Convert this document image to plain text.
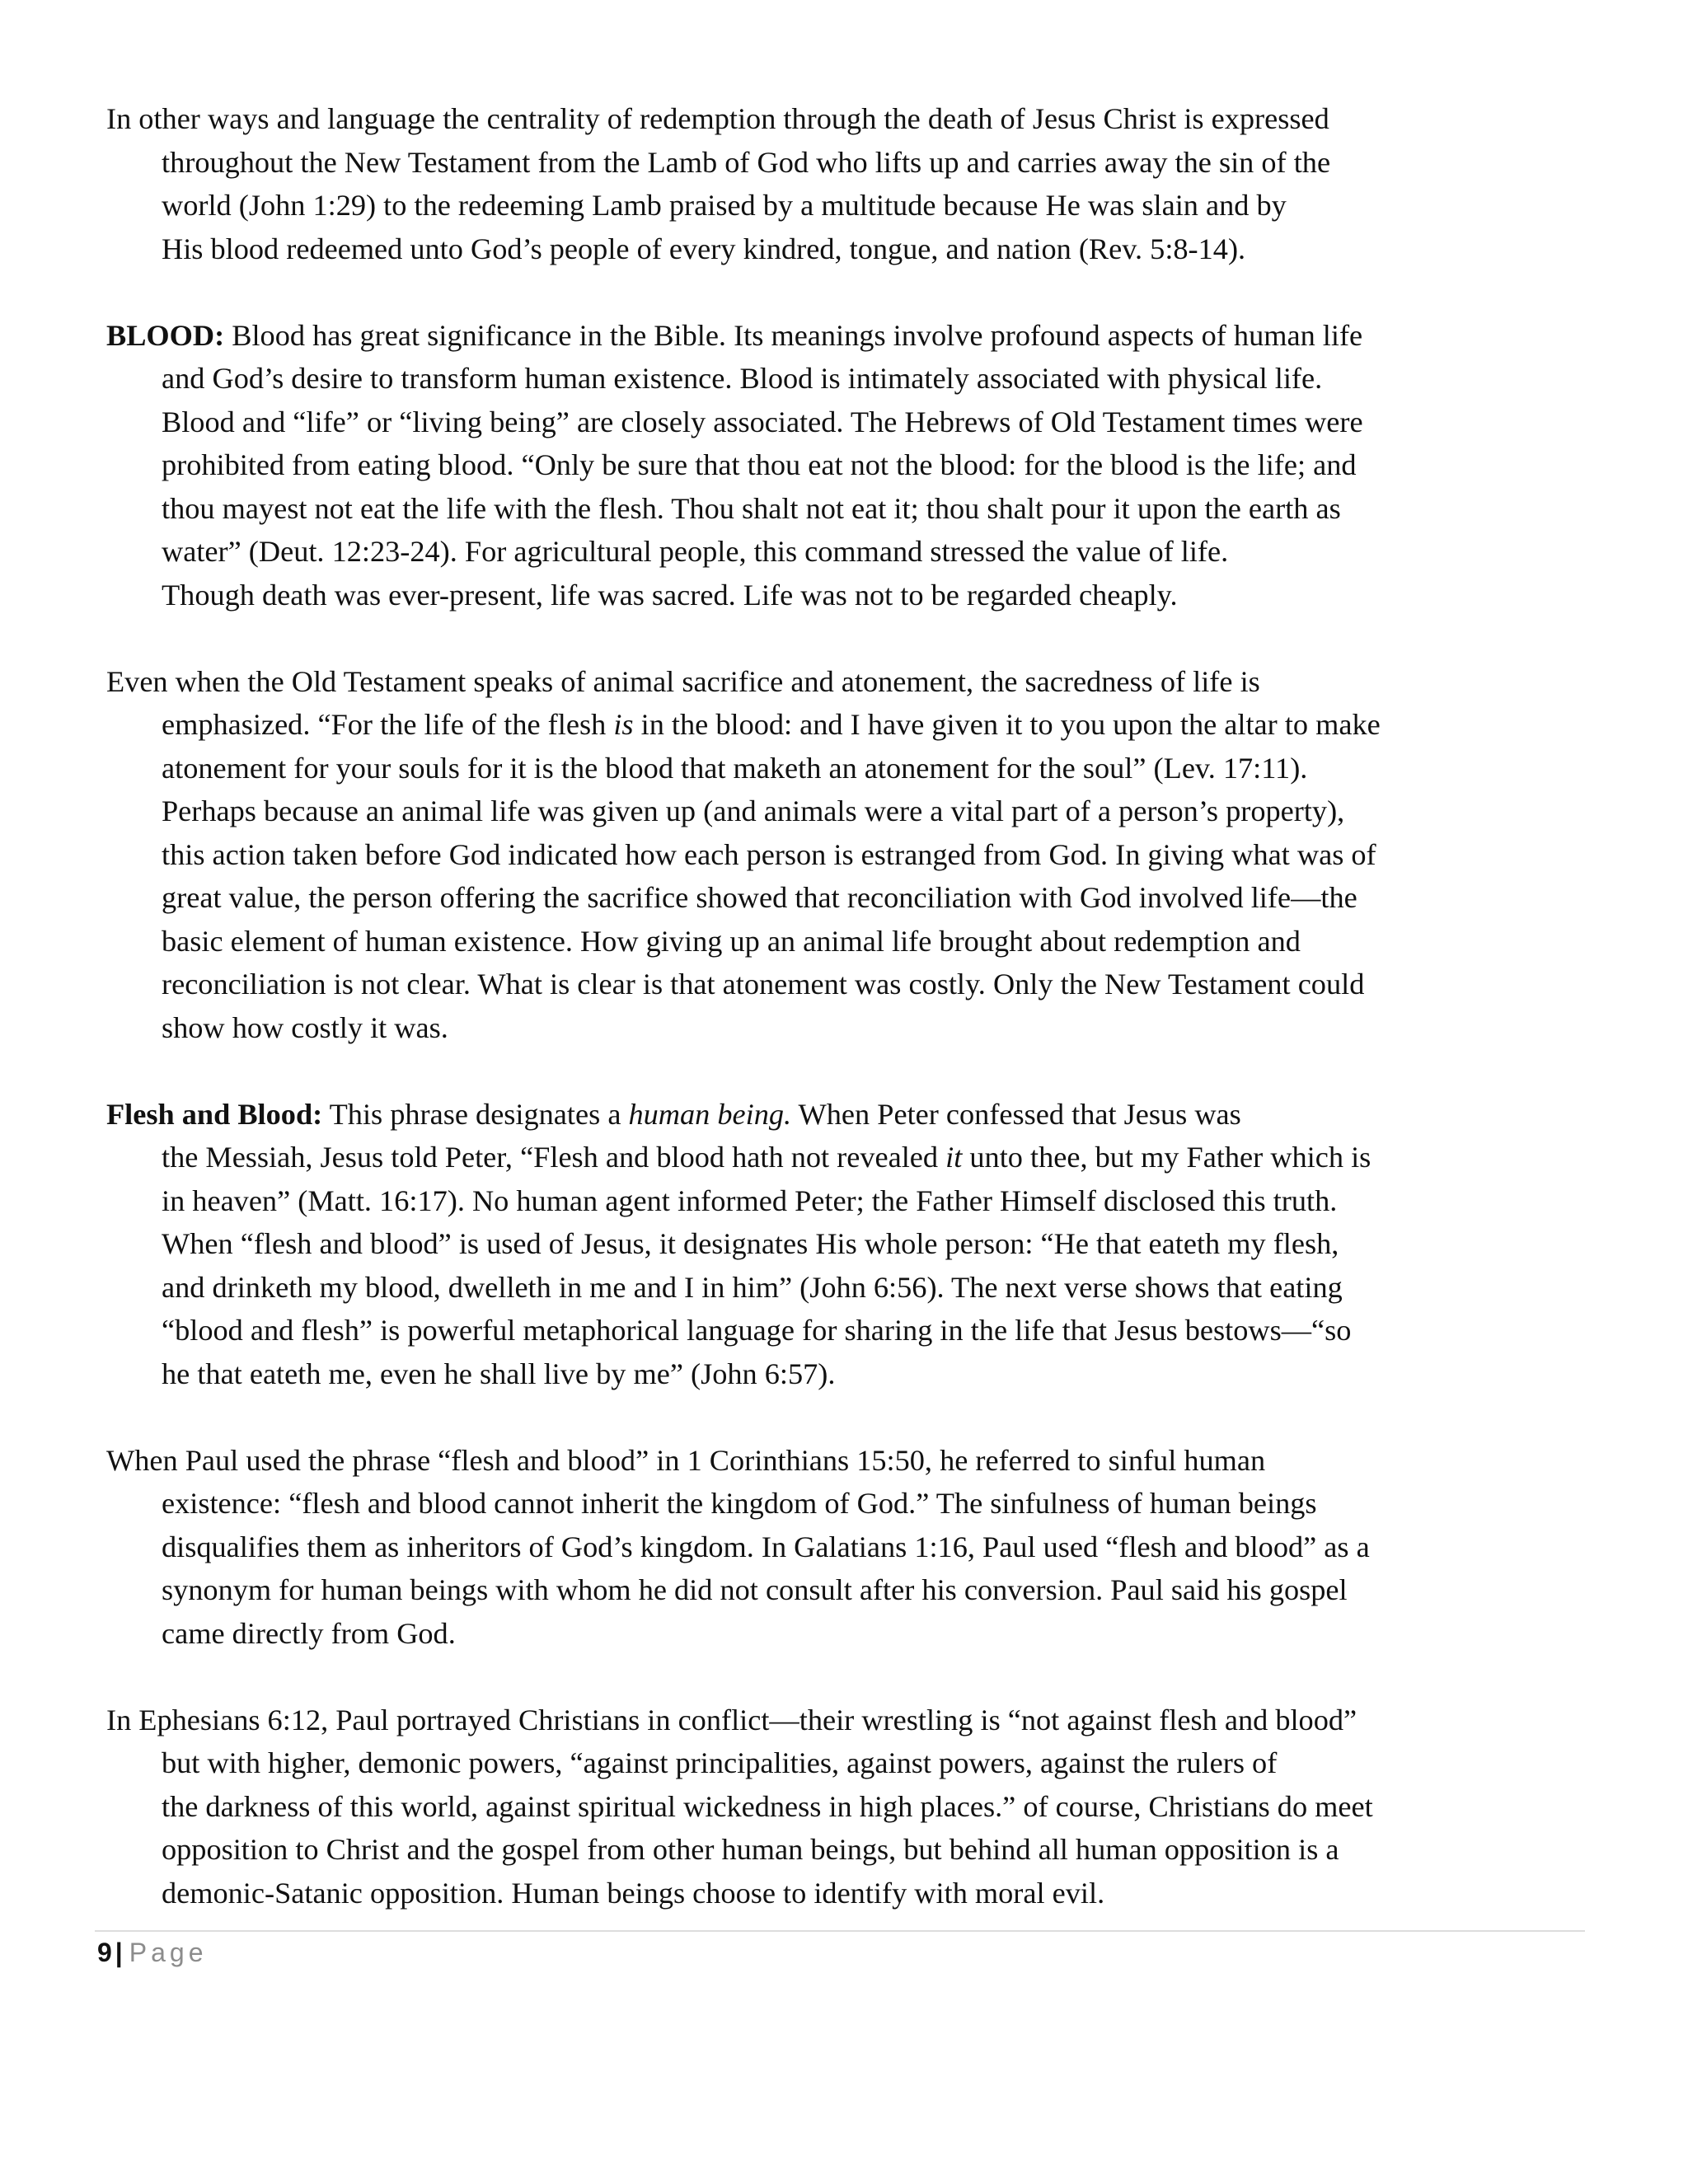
In other ways and language the centrality of redemption through the death of Jesus Christ is expressed
throughout the New Testament from the Lamb of God who lifts up and carries away the sin of the
world (John 1:29) to the redeeming Lamb praised by a multitude because He was slain and by
His blood redeemed unto God’s people of every kindred, tongue, and nation (Rev. 5:8-14).

BLOOD: Blood has great significance in the Bible. Its meanings involve profound aspects of human life
and God’s desire to transform human existence. Blood is intimately associated with physical life.
Blood and “life” or “living being” are closely associated. The Hebrews of Old Testament times were
prohibited from eating blood. “Only be sure that thou eat not the blood: for the blood is the life; and
thou mayest not eat the life with the flesh. Thou shalt not eat it; thou shalt pour it upon the earth as
water” (Deut. 12:23-24). For agricultural people, this command stressed the value of life.
Though death was ever-present, life was sacred. Life was not to be regarded cheaply.

Even when the Old Testament speaks of animal sacrifice and atonement, the sacredness of life is
emphasized. “For the life of the flesh is in the blood: and I have given it to you upon the altar to make
atonement for your souls for it is the blood that maketh an atonement for the soul” (Lev. 17:11).
Perhaps because an animal life was given up (and animals were a vital part of a person’s property),
this action taken before God indicated how each person is estranged from God. In giving what was of
great value, the person offering the sacrifice showed that reconciliation with God involved life—the
basic element of human existence. How giving up an animal life brought about redemption and
reconciliation is not clear. What is clear is that atonement was costly. Only the New Testament could
show how costly it was.

Flesh and Blood: This phrase designates a human being. When Peter confessed that Jesus was
the Messiah, Jesus told Peter, “Flesh and blood hath not revealed it unto thee, but my Father which is
in heaven” (Matt. 16:17). No human agent informed Peter; the Father Himself disclosed this truth.
When “flesh and blood” is used of Jesus, it designates His whole person: “He that eateth my flesh,
and drinketh my blood, dwelleth in me and I in him” (John 6:56). The next verse shows that eating
“blood and flesh” is powerful metaphorical language for sharing in the life that Jesus bestows—“so
he that eateth me, even he shall live by me” (John 6:57).

When Paul used the phrase “flesh and blood” in 1 Corinthians 15:50, he referred to sinful human
existence: “flesh and blood cannot inherit the kingdom of God.” The sinfulness of human beings
disqualifies them as inheritors of God’s kingdom. In Galatians 1:16, Paul used “flesh and blood” as a
synonym for human beings with whom he did not consult after his conversion. Paul said his gospel
came directly from God.

In Ephesians 6:12, Paul portrayed Christians in conflict—their wrestling is “not against flesh and blood”
but with higher, demonic powers, “against principalities, against powers, against the rulers of
the darkness of this world, against spiritual wickedness in high places.” of course, Christians do meet
opposition to Christ and the gospel from other human beings, but behind all human opposition is a
demonic-Satanic opposition. Human beings choose to identify with moral evil.

9 | Page
